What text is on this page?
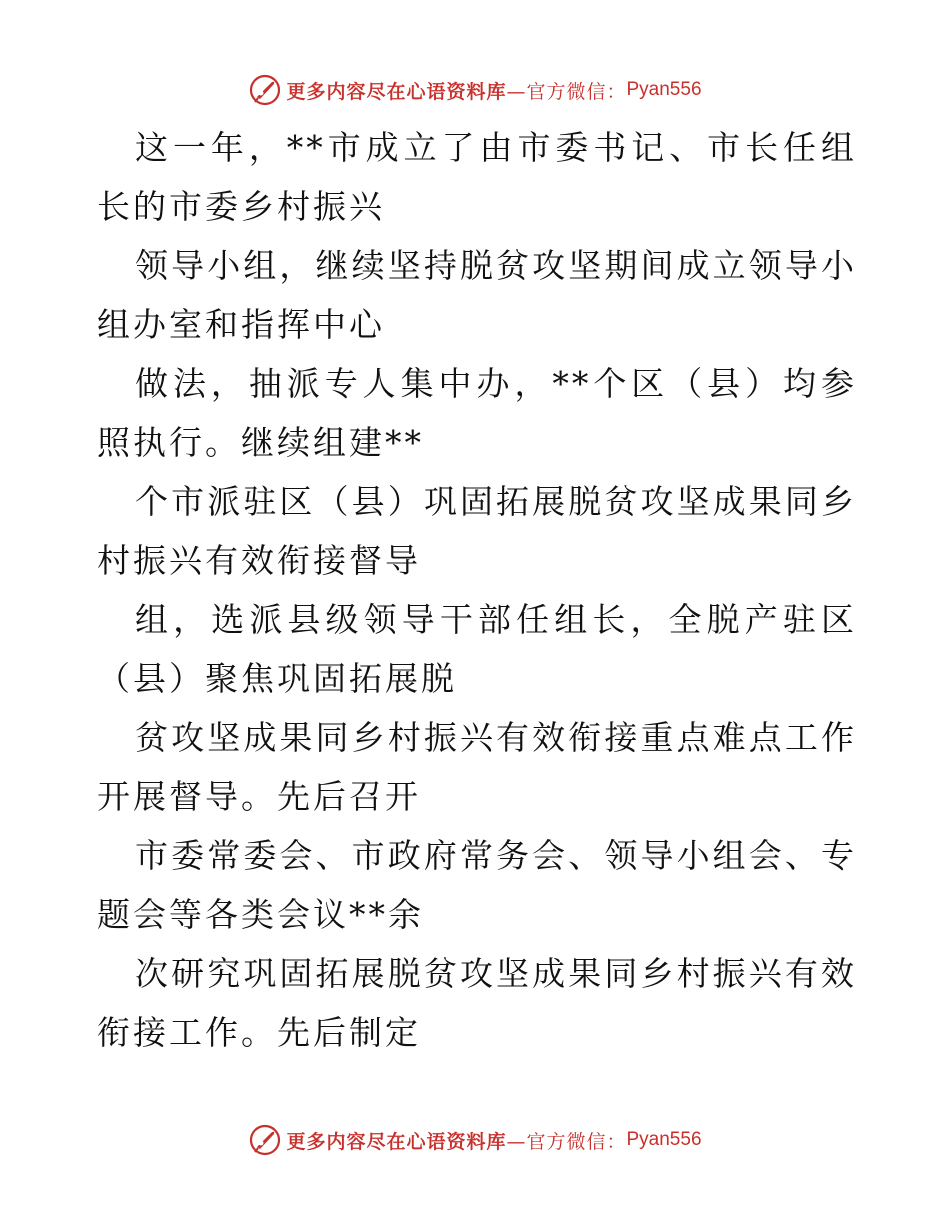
更多内容尽在心语资料库 —官方微信： Pyan556

这一年，**市成立了由市委书记、市长任组长的市委乡村振兴

领导小组，继续坚持脱贫攻坚期间成立领导小组办室和指挥中心

做法，抽派专人集中办，**个区（县）均参照执行。继续组建**

个市派驻区（县）巩固拓展脱贫攻坚成果同乡村振兴有效衔接督导

组，选派县级领导干部任组长，全脱产驻区（县）聚焦巩固拓展脱

贫攻坚成果同乡村振兴有效衔接重点难点工作开展督导。先后召开

市委常委会、市政府常务会、领导小组会、专题会等各类会议**余

次研究巩固拓展脱贫攻坚成果同乡村振兴有效衔接工作。先后制定

更多内容尽在心语资料库 —官方微信： Pyan556
